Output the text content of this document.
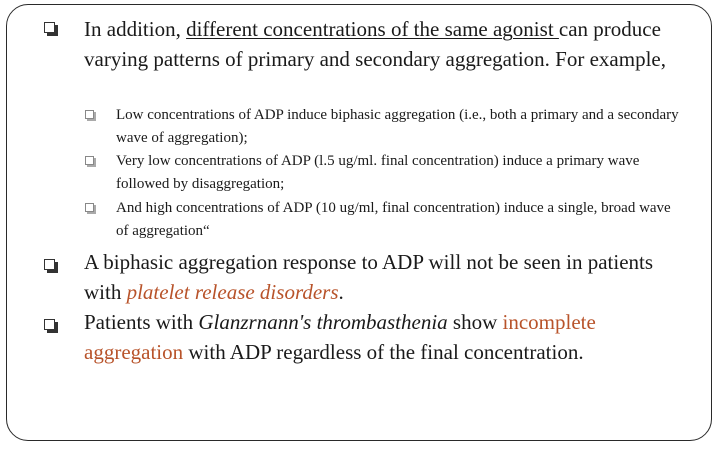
In addition, different concentrations of the same agonist can produce varying patterns of primary and secondary aggregation. For example,
Low concentrations of ADP induce biphasic aggregation (i.e., both a primary and a secondary wave of aggregation);
Very low concentrations of ADP (l.5 ug/ml. final concentration) induce a primary wave followed by disaggregation;
And high concentrations of ADP (10 ug/ml, final concentration) induce a single, broad wave of aggregation“
A biphasic aggregation response to ADP will not be seen in patients with platelet release disorders.
Patients with Glanzrnann's thrombasthenia show incomplete aggregation with ADP regardless of the final concentration.
